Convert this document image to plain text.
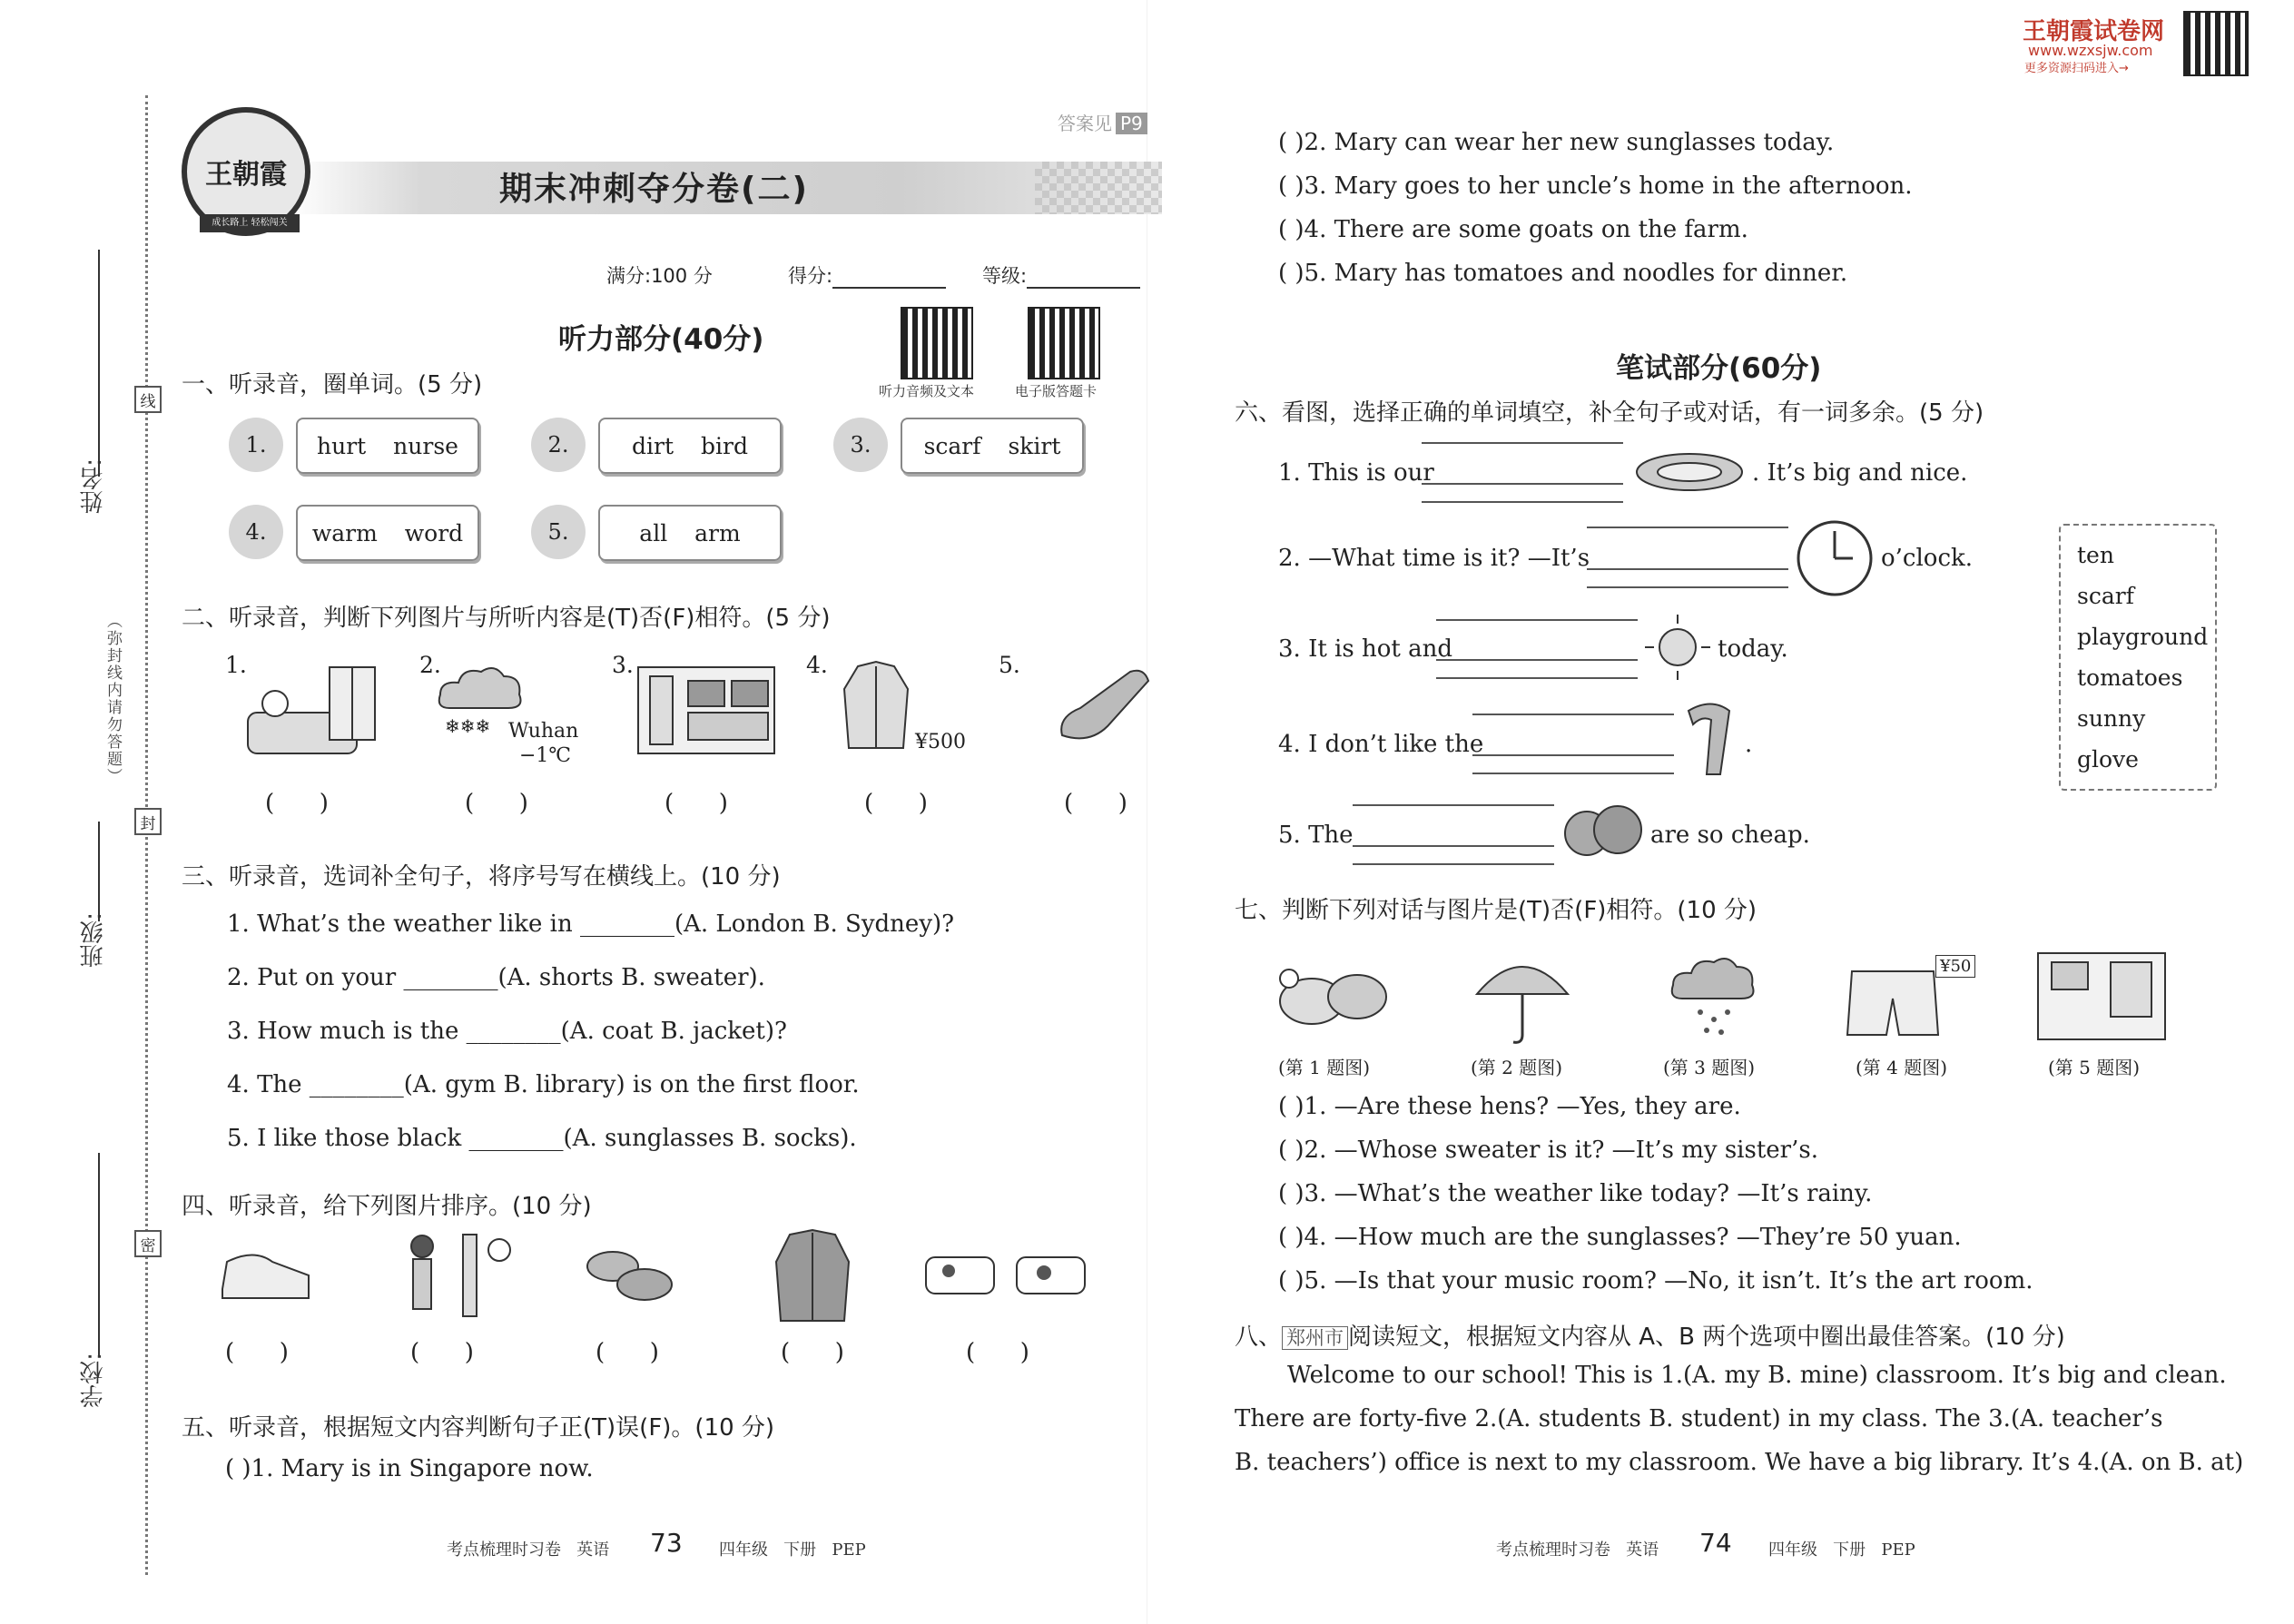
王朝霞试卷网
www.wzxsjw.com
更多资源扫码进入→
姓名:
班级:
学校:
线
封
密
（弥封线内请勿答题）
王朝霞
成长路上 轻松闯关
答案见 P9
期末冲刺夺分卷(二)
满分:100 分	得分:	等级:
听力部分(40分)
听力音频及文本	电子版答题卡
一、听录音，圈单词。(5 分)
1.	hurt nurse	2.	dirt bird	3.	scarf skirt
4.	warm word	5.	all arm
二、听录音，判断下列图片与所听内容是(T)否(F)相符。(5 分)
1.	2.
❄❄❄ Wuhan
−1℃
3.	4.
¥500
5.
(      )	(      )	(      )	(      )	(      )
三、听录音，选词补全句子，将序号写在横线上。(10 分)
1. What’s the weather like in ________(A. London B. Sydney)?
2. Put on your ________(A. shorts B. sweater).
3. How much is the ________(A. coat B. jacket)?
4. The ________(A. gym B. library) is on the first floor.
5. I like those black ________(A. sunglasses B. socks).
四、听录音，给下列图片排序。(10 分)
(      )	(      )	(      )	(      )	(      )
五、听录音，根据短文内容判断句子正(T)误(F)。(10 分)
( )1. Mary is in Singapore now.
( )2. Mary can wear her new sunglasses today.
( )3. Mary goes to her uncle’s home in the afternoon.
( )4. There are some goats on the farm.
( )5. Mary has tomatoes and noodles for dinner.
笔试部分(60分)
六、看图，选择正确的单词填空，补全句子或对话，有一词多余。(5 分)
1. This is our	. It’s big and nice.
2. —What time is it? —It’s	o’clock.
3. It is hot and	today.
4. I don’t like the	.
5. The	are so cheap.
ten
scarf
playground
tomatoes
sunny
glove
七、判断下列对话与图片是(T)否(F)相符。(10 分)
¥50
(第 1 题图)	(第 2 题图)	(第 3 题图)	(第 4 题图)	(第 5 题图)
( )1. —Are these hens? —Yes, they are.
( )2. —Whose sweater is it? —It’s my sister’s.
( )3. —What’s the weather like today? —It’s rainy.
( )4. —How much are the sunglasses? —They’re 50 yuan.
( )5. —Is that your music room? —No, it isn’t. It’s the art room.
八、 郑州市 阅读短文，根据短文内容从 A、B 两个选项中圈出最佳答案。(10 分)
Welcome to our school! This is 1.(A. my B. mine) classroom. It’s big and clean.
There are forty-five 2.(A. students B. student) in my class. The 3.(A. teacher’s
B. teachers’) office is next to my classroom. We have a big library. It’s 4.(A. on B. at)
考点梳理时习卷   英语 73 四年级   下册   PEP	考点梳理时习卷   英语 74 四年级   下册   PEP
